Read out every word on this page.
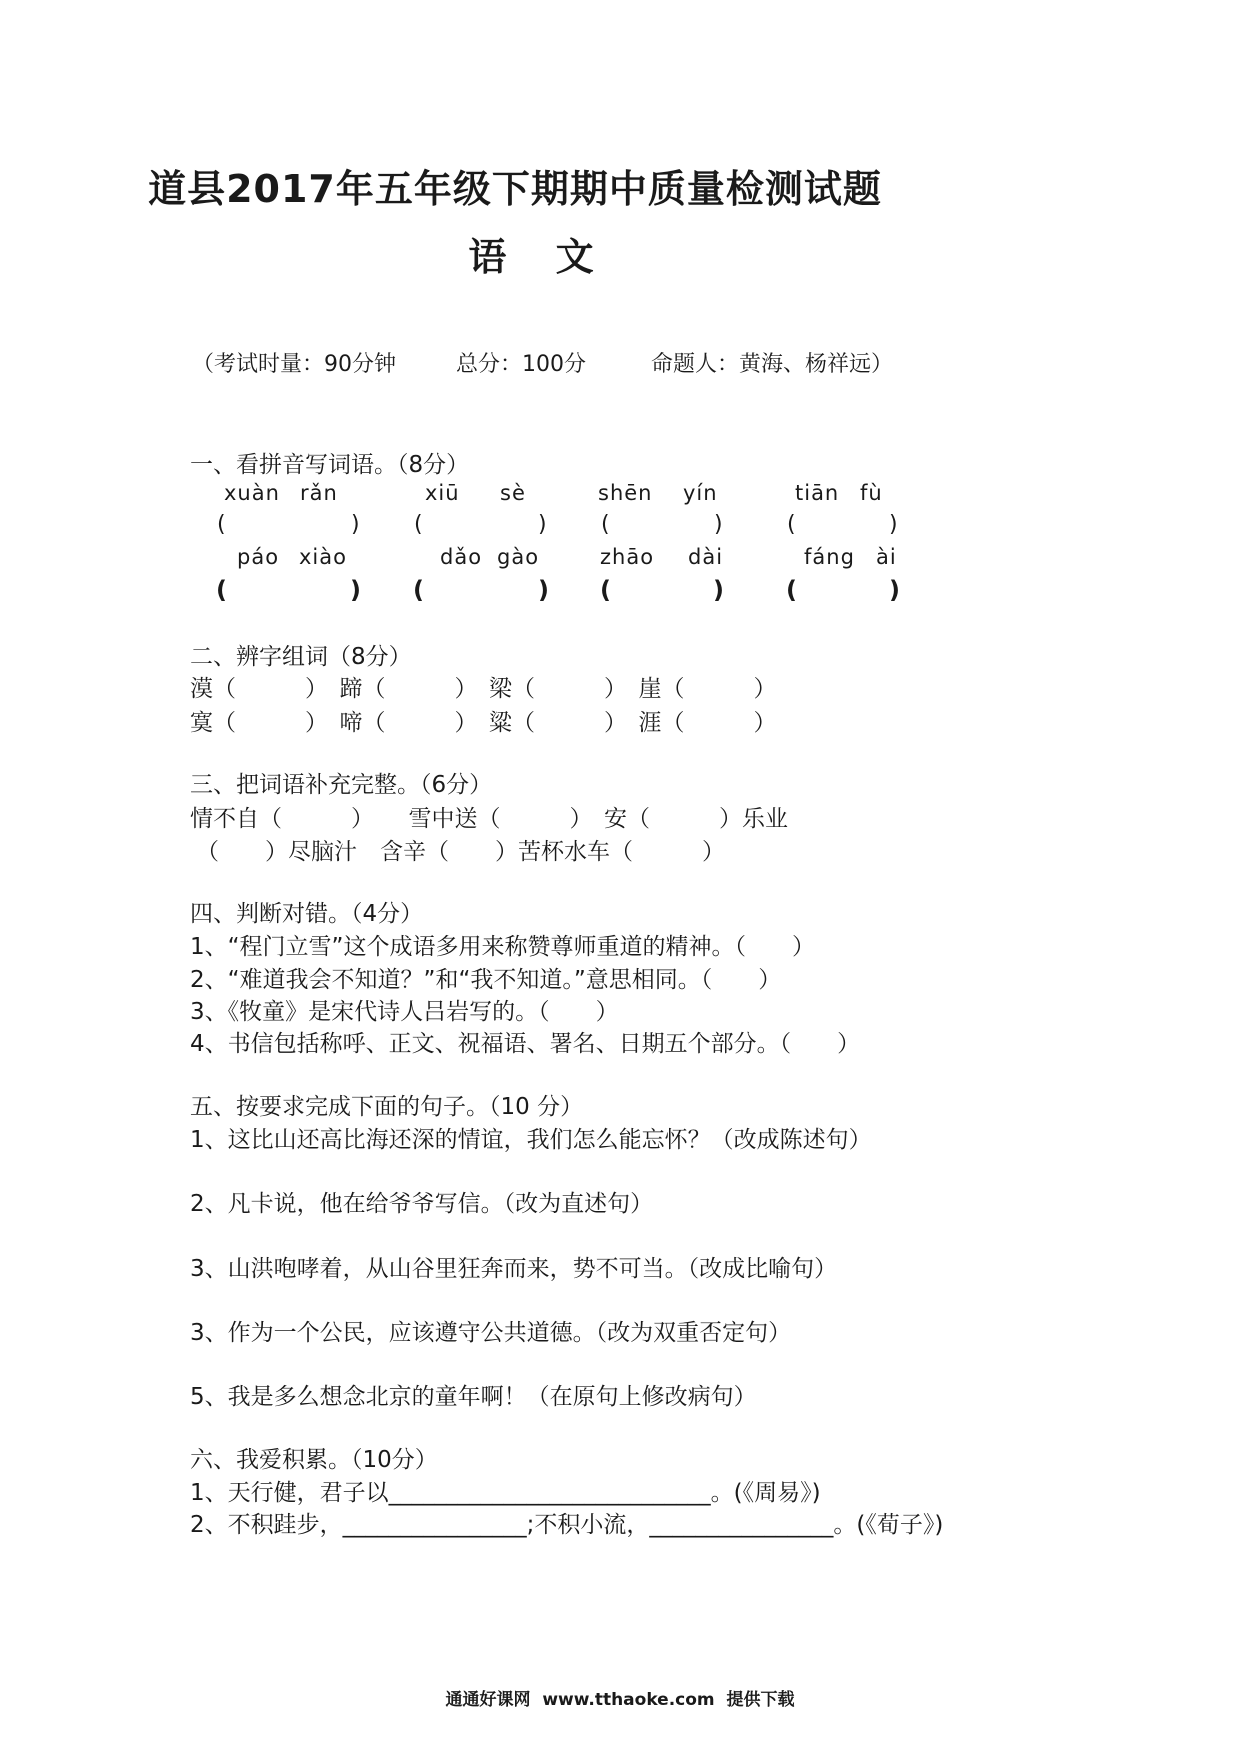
道县2017年五年级下期期中质量检测试题
语 文
（考试时量：90分钟	总分：100分	命题人：黄海、杨祥远）
一、看拼音写词语。（8分）
xuàn rǎn	xiū sè	shēn yín	tiān fù
(	) (	) (	)	(	)
páo xiào	dǎo gào	zhāo dài	fáng ài
(	) (	) (	)	(	)
二、辨字组词（8分）
漠（　　　）　蹄（　　　）　梁（　　　）　崖（　　　）
寞（　　　）　啼（　　　）　粱（　　　）　涯（　　　）
三、把词语补充完整。（6分）
情不自（　　　）　　雪中送（　　　）　安（　　　）乐业
（　　）尽脑汁　含辛（　　）苦杯水车（　　　）
四、判断对错。（4分）
1、“程门立雪”这个成语多用来称赞尊师重道的精神。（　　）
2、“难道我会不知道？”和“我不知道。”意思相同。（　　）
3、《牧童》是宋代诗人吕岩写的。（　　）
4、书信包括称呼、正文、祝福语、署名、日期五个部分。（　　）
五、按要求完成下面的句子。（10 分）
1、这比山还高比海还深的情谊，我们怎么能忘怀？（改成陈述句）
2、凡卡说，他在给爷爷写信。（改为直述句）
3、山洪咆哮着，从山谷里狂奔而来，势不可当。（改成比喻句）
3、作为一个公民，应该遵守公共道德。（改为双重否定句）
5、我是多么想念北京的童年啊！（在原句上修改病句）
六、我爱积累。（10分）
1、天行健，君子以____________________________。(《周易》)
2、不积跬步，________________;不积小流，________________。(《荀子》)
通通好课网  www.tthaoke.com  提供下载
